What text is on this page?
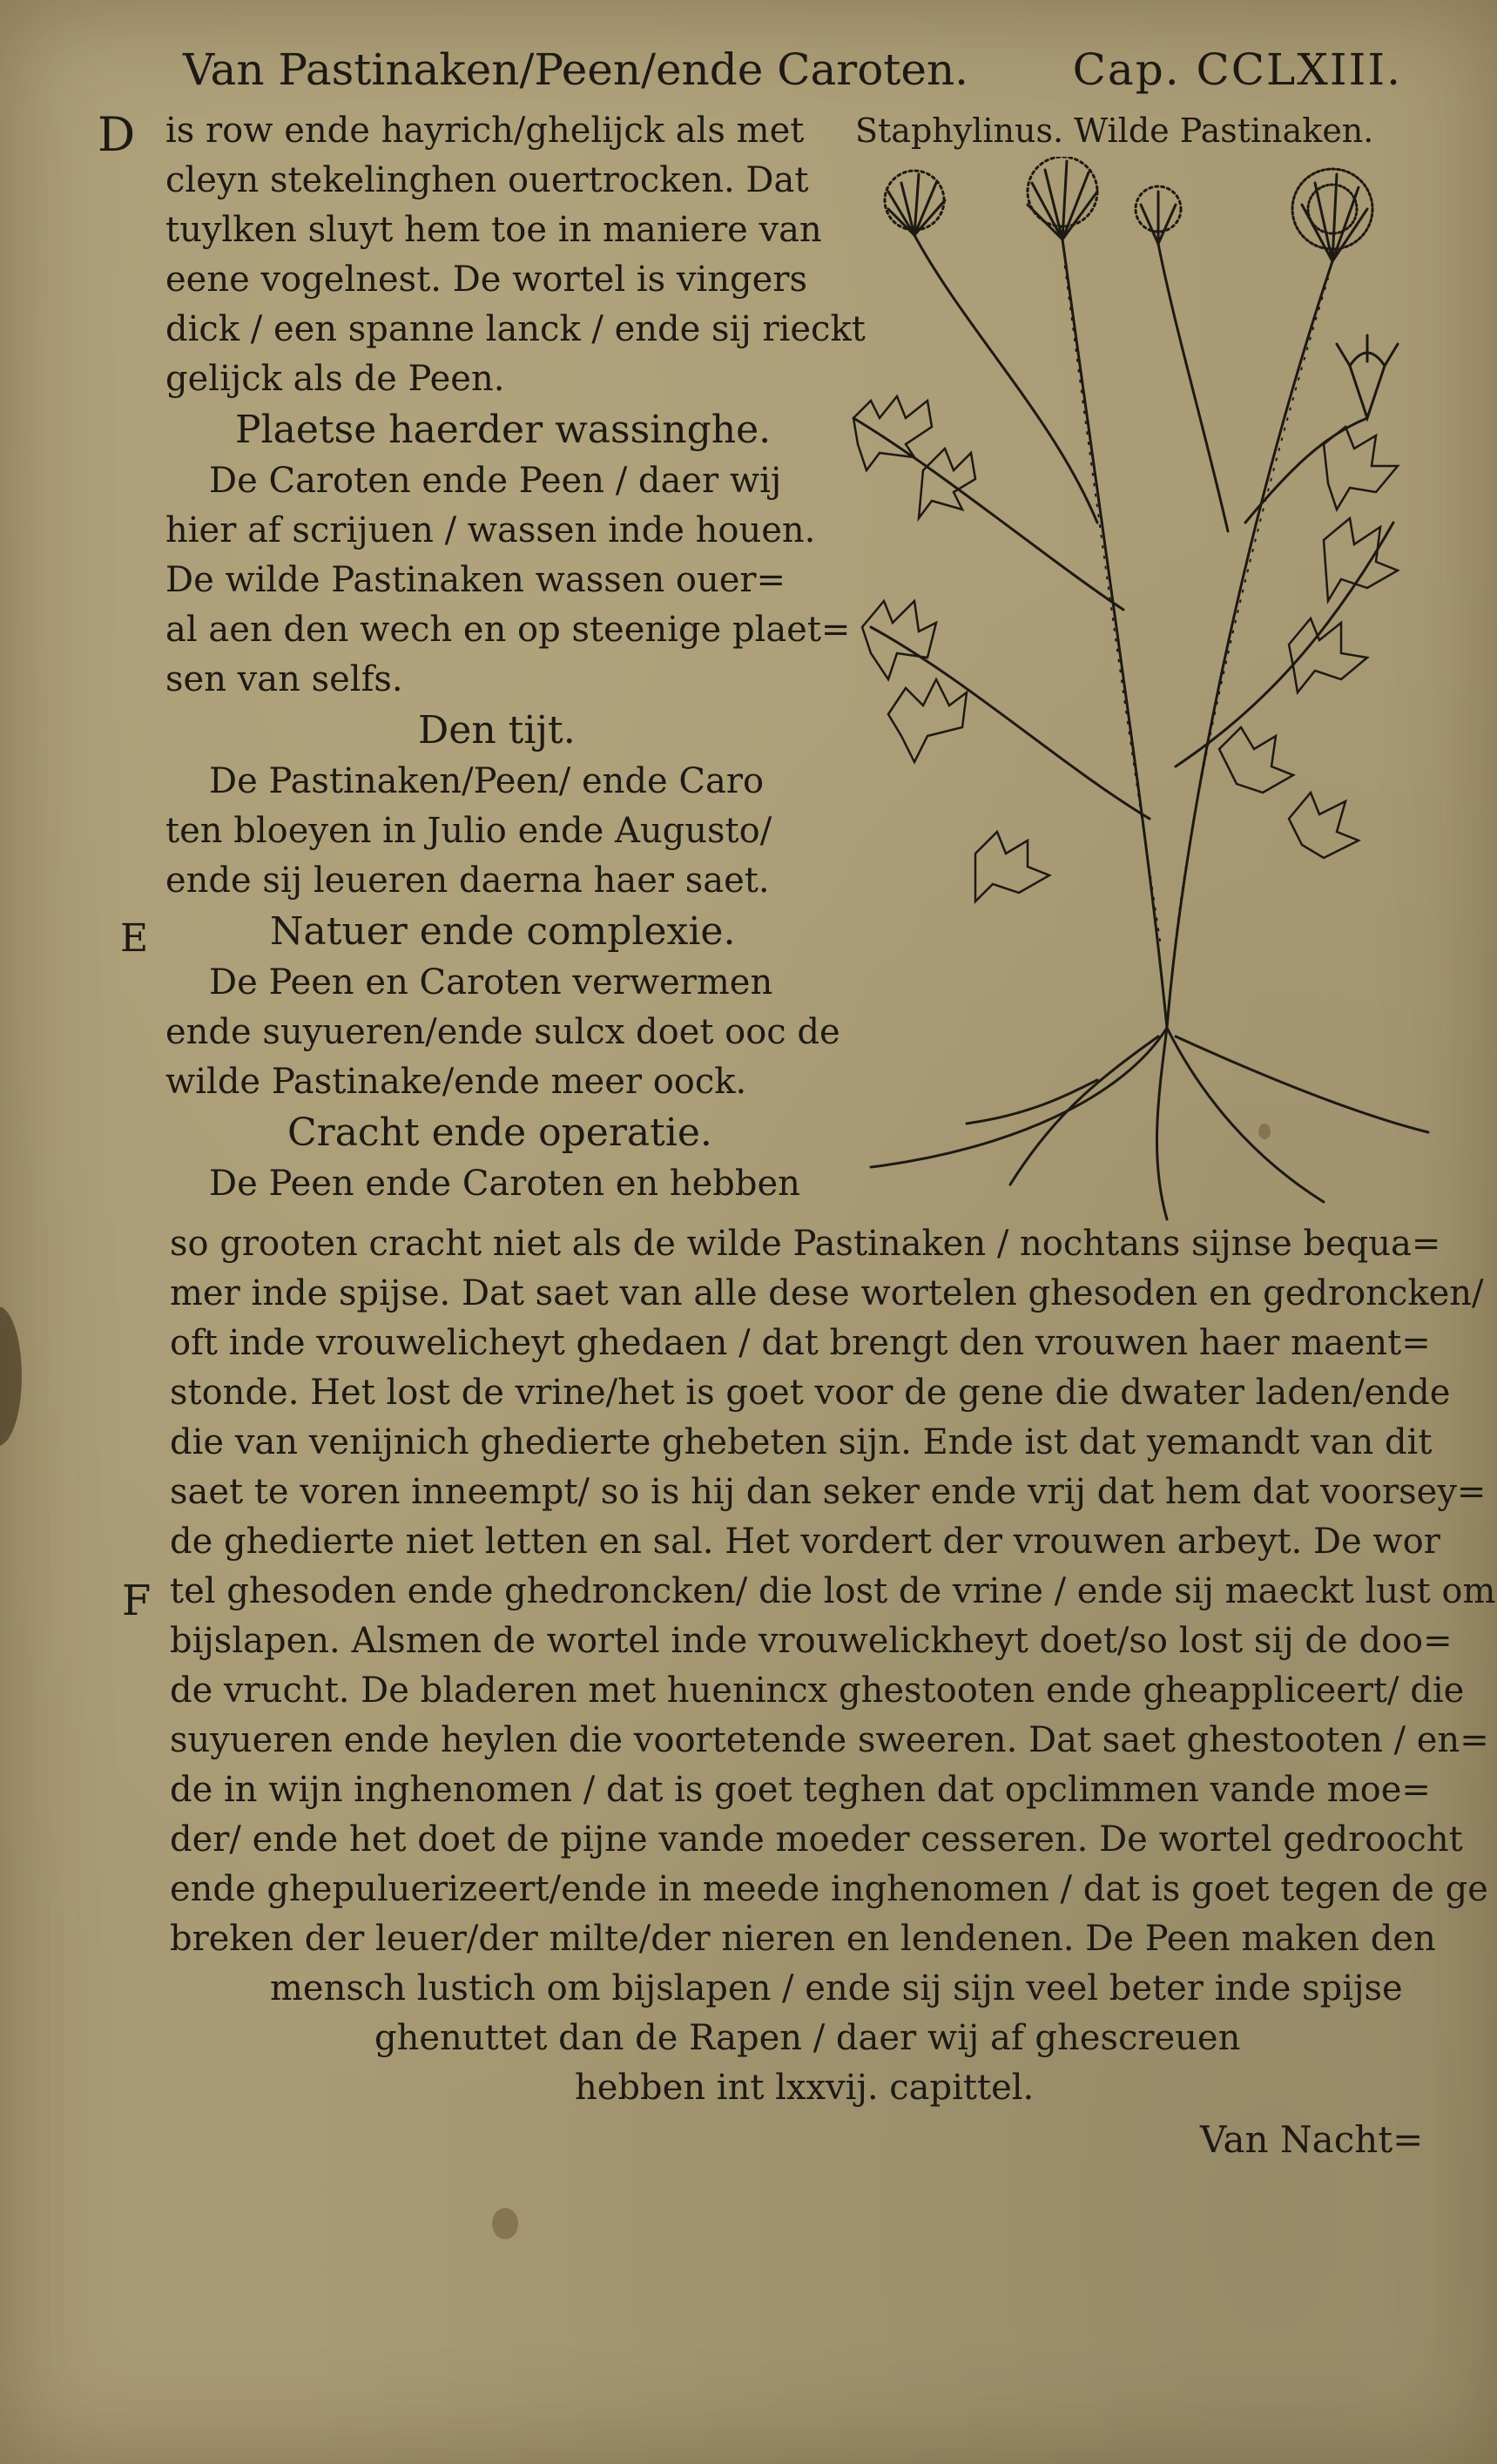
Van Pastinaken/Peen/ende Caroten. Cap. CCLXIII.
D is row ende hayrich/ghelijck als met
cleyn stekelinghen ouertrocken. Dat
tuylken sluyt hem toe in maniere van
eene vogelnest. De wortel is vingers
dick / een spanne lanck / ende sij rieckt
gelijck als de Peen.
Plaetse haerder wassinghe.
De Caroten ende Peen / daer wij
hier af scrijuen / wassen inde houen.
De wilde Pastinaken wassen ouer=
al aen den wech en op steenige plaet=
sen van selfs.
Den tijt.
De Pastinaken/Peen/ ende Caro
ten bloeyen in Julio ende Augusto/
ende sij leueren daerna haer saet.
Natuer ende complexie.
De Peen en Caroten verwermen
ende suyueren/ende sulcx doet ooc de
wilde Pastinake/ende meer oock.
Cracht ende operatie.
De Peen ende Caroten en hebben
E
F
Staphylinus. Wilde Pastinaken.
so grooten cracht niet als de wilde Pastinaken / nochtans sijnse bequa=
mer inde spijse. Dat saet van alle dese wortelen ghesoden en gedroncken/
oft inde vrouwelicheyt ghedaen / dat brengt den vrouwen haer maent=
stonde. Het lost de vrine/het is goet voor de gene die dwater laden/ende
die van venijnich ghedierte ghebeten sijn. Ende ist dat yemandt van dit
saet te voren inneempt/ so is hij dan seker ende vrij dat hem dat voorsey=
de ghedierte niet letten en sal. Het vordert der vrouwen arbeyt. De wor
tel ghesoden ende ghedroncken/ die lost de vrine / ende sij maeckt lust om
bijslapen. Alsmen de wortel inde vrouwelickheyt doet/so lost sij de doo=
de vrucht. De bladeren met huenincx ghestooten ende gheappliceert/ die
suyueren ende heylen die voortetende sweeren. Dat saet ghestooten / en=
de in wijn inghenomen / dat is goet teghen dat opclimmen vande moe=
der/ ende het doet de pijne vande moeder cesseren. De wortel gedroocht
ende ghepuluerizeert/ende in meede inghenomen / dat is goet tegen de ge
breken der leuer/der milte/der nieren en lendenen. De Peen maken den
mensch lustich om bijslapen / ende sij sijn veel beter inde spijse
ghenuttet dan de Rapen / daer wij af ghescreuen
hebben int lxxvij. capittel.
Van Nacht=
